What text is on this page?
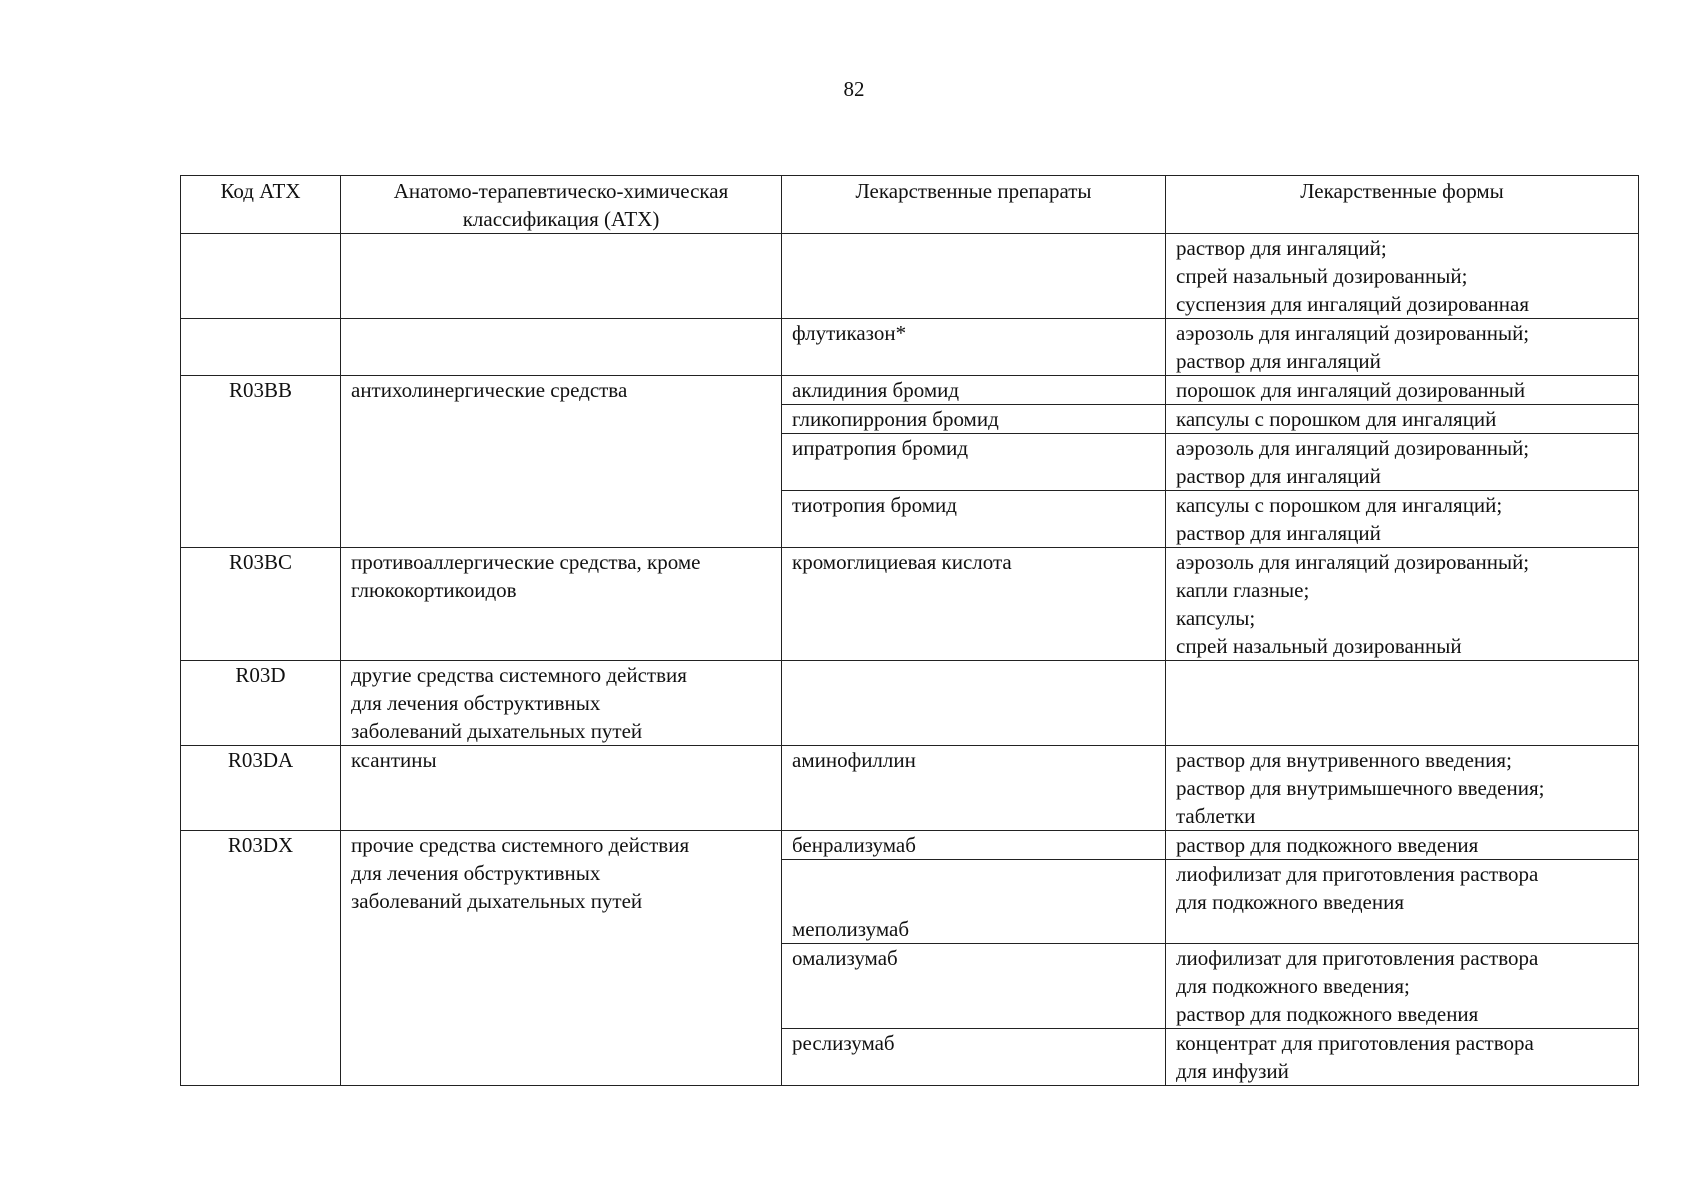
82
Код АТХ	Анатомо-терапевтическо-химическая классификация (АТХ)	Лекарственные препараты	Лекарственные формы

			раствор для ингаляций;
спрей назальный дозированный;
суспензия для ингаляций дозированная

		флутиказон*	аэрозоль для ингаляций дозированный;
раствор для ингаляций

R03BB	антихолинергические средства	аклидиния бромид	порошок для ингаляций дозированный

		гликопиррония бромид	капсулы с порошком для ингаляций

		ипратропия бромид	аэрозоль для ингаляций дозированный;
раствор для ингаляций

		тиотропия бромид	капсулы с порошком для ингаляций;
раствор для ингаляций

R03BC	противоаллергические средства, кроме
глюкокортикоидов	кромоглициевая кислота	аэрозоль для ингаляций дозированный;
капли глазные;
капсулы;
спрей назальный дозированный

R03D	другие средства системного действия
для лечения обструктивных
заболеваний дыхательных путей		

R03DA	ксантины	аминофиллин	раствор для внутривенного введения;
раствор для внутримышечного введения;
таблетки

R03DX	прочие средства системного действия
для лечения обструктивных
заболеваний дыхательных путей	бенрализумаб	раствор для подкожного введения

		меполизумаб	лиофилизат для приготовления раствора
для подкожного введения

		омализумаб	лиофилизат для приготовления раствора
для подкожного введения;
раствор для подкожного введения

		реслизумаб	концентрат для приготовления раствора
для инфузий
